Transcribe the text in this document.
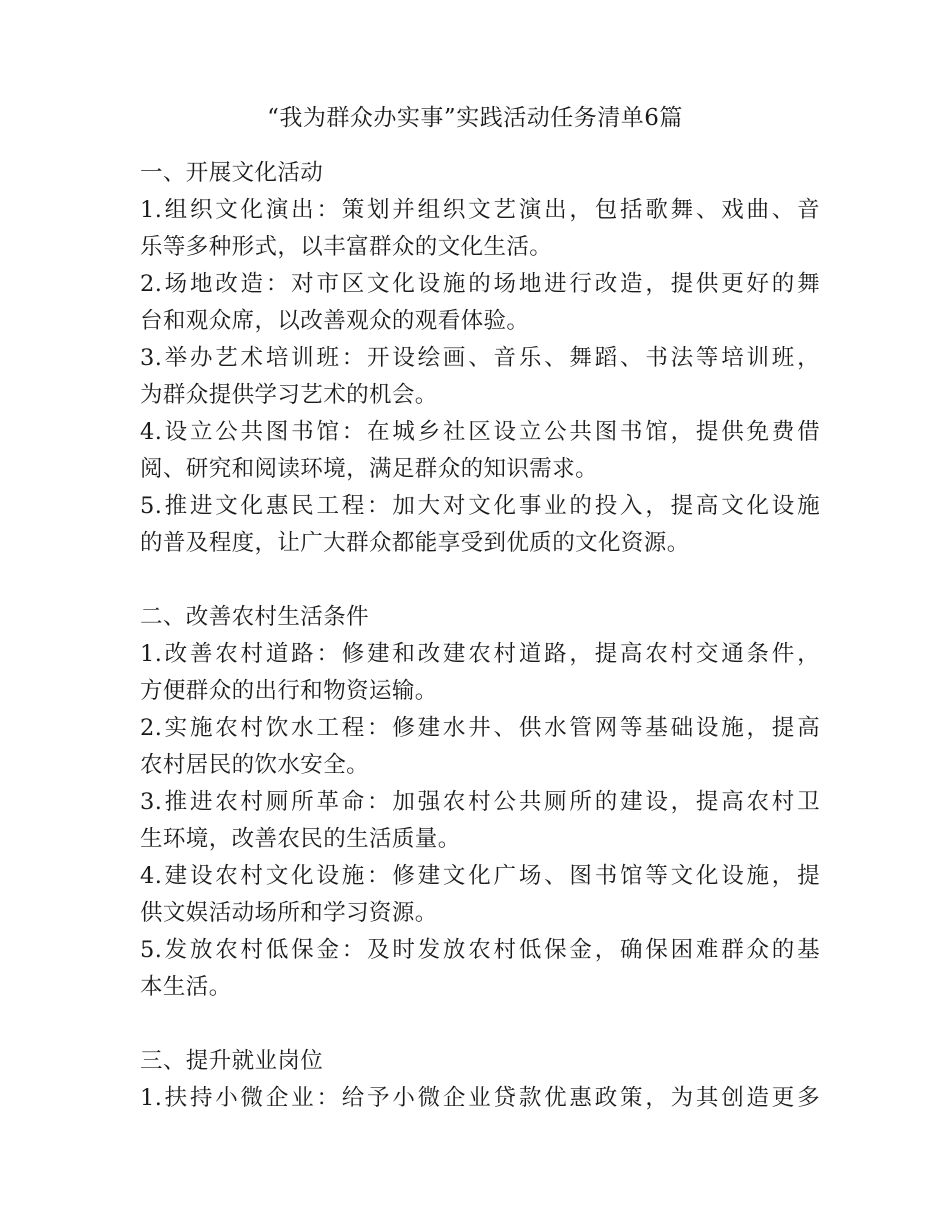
“我为群众办实事”实践活动任务清单6篇
一、开展文化活动
1.组织文化演出：策划并组织文艺演出，包括歌舞、戏曲、音
乐等多种形式，以丰富群众的文化生活。
2.场地改造：对市区文化设施的场地进行改造，提供更好的舞
台和观众席，以改善观众的观看体验。
3.举办艺术培训班：开设绘画、音乐、舞蹈、书法等培训班，
为群众提供学习艺术的机会。
4.设立公共图书馆：在城乡社区设立公共图书馆，提供免费借
阅、研究和阅读环境，满足群众的知识需求。
5.推进文化惠民工程：加大对文化事业的投入，提高文化设施
的普及程度，让广大群众都能享受到优质的文化资源。
二、改善农村生活条件
1.改善农村道路：修建和改建农村道路，提高农村交通条件，
方便群众的出行和物资运输。
2.实施农村饮水工程：修建水井、供水管网等基础设施，提高
农村居民的饮水安全。
3.推进农村厕所革命：加强农村公共厕所的建设，提高农村卫
生环境，改善农民的生活质量。
4.建设农村文化设施：修建文化广场、图书馆等文化设施，提
供文娱活动场所和学习资源。
5.发放农村低保金：及时发放农村低保金，确保困难群众的基
本生活。
三、提升就业岗位
1.扶持小微企业：给予小微企业贷款优惠政策，为其创造更多
